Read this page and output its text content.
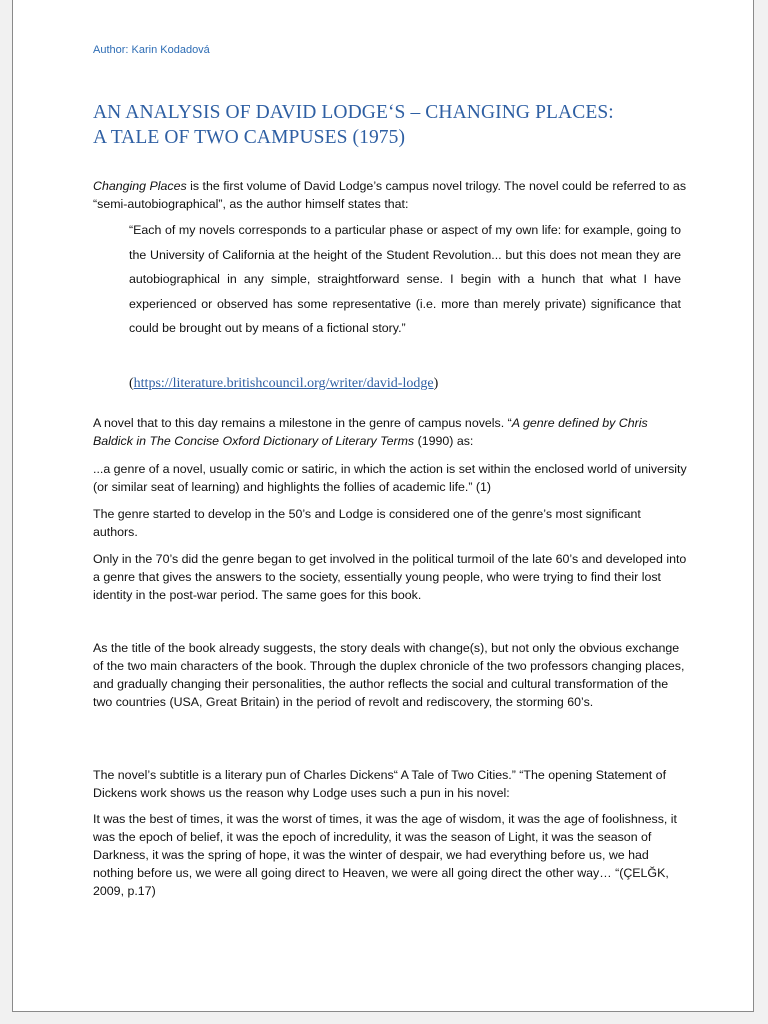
Author: Karin Kodadová
AN ANALYSIS OF DAVID LODGE‘S – CHANGING PLACES:
A TALE OF TWO CAMPUSES (1975)

Changing Places is the first volume of David Lodge’s campus novel trilogy. The novel could be referred to as “semi-autobiographical”, as the author himself states that:

“Each of my novels corresponds to a particular phase or aspect of my own life: for example, going to the University of California at the height of the Student Revolution... but this does not mean they are autobiographical in any simple, straightforward sense. I begin with a hunch that what I have experienced or observed has some representative (i.e. more than merely private) significance that could be brought out by means of a fictional story.”

(https://literature.britishcouncil.org/writer/david-lodge)

A novel that to this day remains a milestone in the genre of campus novels. “A genre defined by Chris Baldick in The Concise Oxford Dictionary of Literary Terms (1990) as:

...a genre of a novel, usually comic or satiric, in which the action is set within the enclosed world of university (or similar seat of learning) and highlights the follies of academic life.” (1)

The genre started to develop in the 50’s and Lodge is considered one of the genre’s most significant authors.

Only in the 70’s did the genre began to get involved in the political turmoil of the late 60’s and developed into a genre that gives the answers to the society, essentially young people, who were trying to find their lost identity in the post-war period. The same goes for this book.

As the title of the book already suggests, the story deals with change(s), but not only the obvious exchange of the two main characters of the book. Through the duplex chronicle of the two professors changing places, and gradually changing their personalities, the author reflects the social and cultural transformation of the two countries (USA, Great Britain) in the period of revolt and rediscovery, the storming 60’s.

The novel’s subtitle is a literary pun of Charles Dickens“ A Tale of Two Cities.” “The opening Statement of Dickens work shows us the reason why Lodge uses such a pun in his novel:

It was the best of times, it was the worst of times, it was the age of wisdom, it was the age of foolishness, it was the epoch of belief, it was the epoch of incredulity, it was the season of Light, it was the season of Darkness, it was the spring of hope, it was the winter of despair, we had everything before us, we had nothing before us, we were all going direct to Heaven, we were all going direct the other way… “(ÇELĞK, 2009, p.17)
